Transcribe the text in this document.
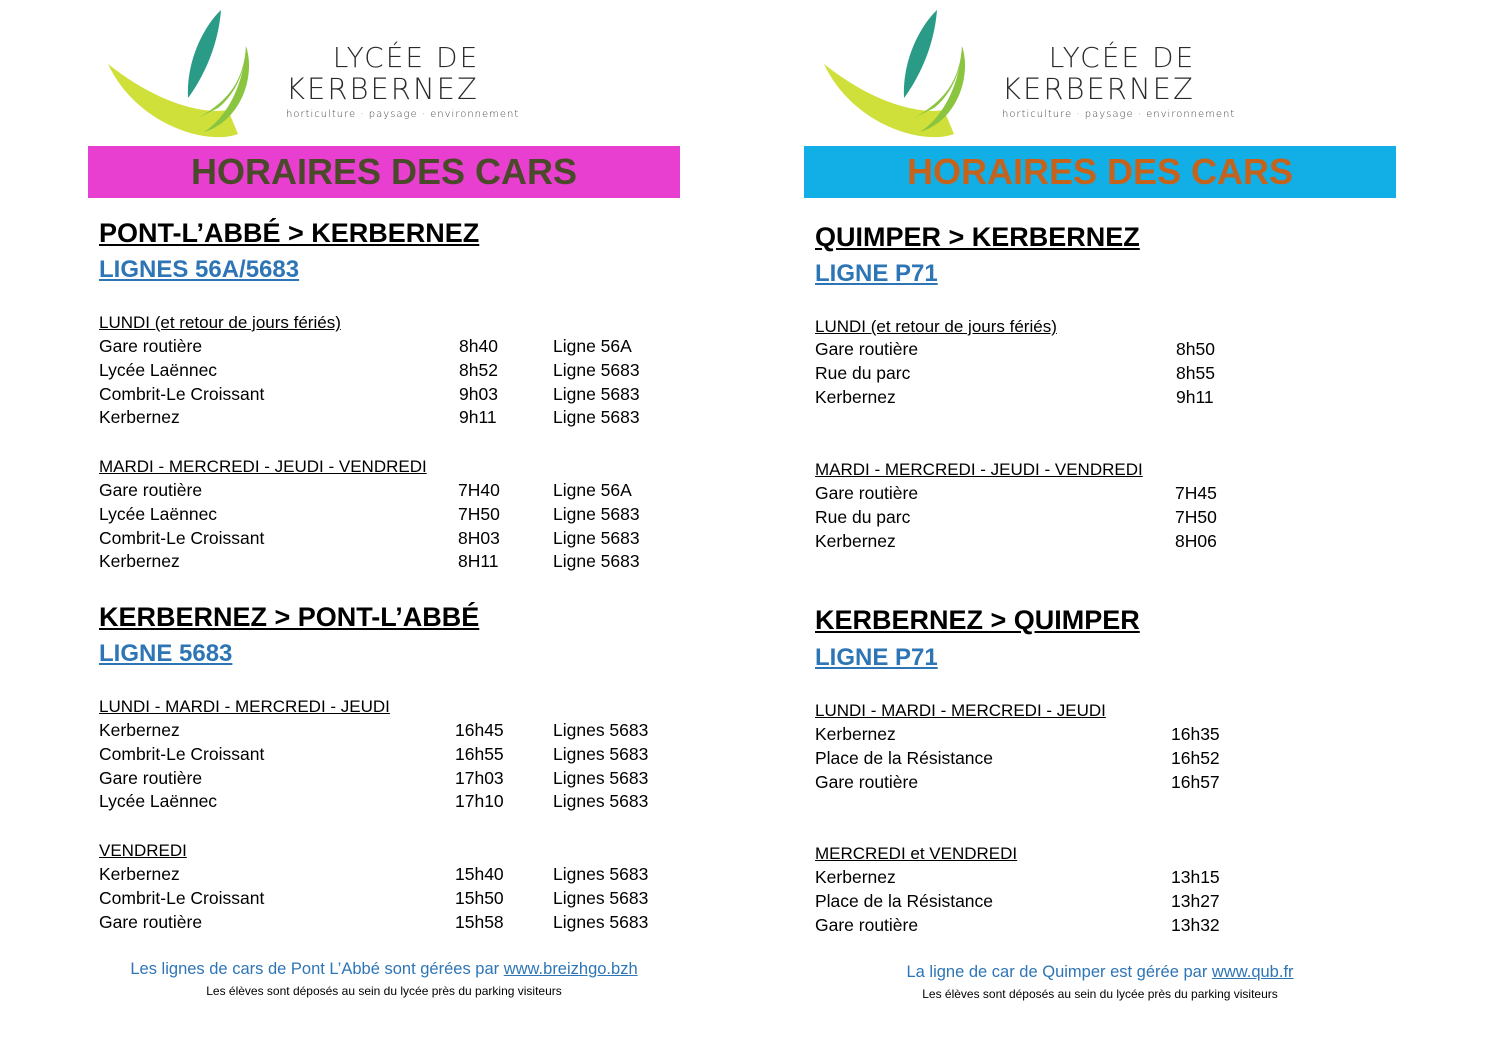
LYCÉE DE
KERBERNEZ
horticulture · paysage · environnement
HORAIRES DES CARS
PONT-L’ABBÉ > KERBERNEZ
LIGNES 56A/5683
LUNDI (et retour de jours fériés)
Gare routière	8h40	Ligne 56A
Lycée Laënnec	8h52	Ligne 5683
Combrit-Le Croissant	9h03	Ligne 5683
Kerbernez	9h11	Ligne 5683
MARDI - MERCREDI - JEUDI - VENDREDI
Gare routière	7H40	Ligne 56A
Lycée Laënnec	7H50	Ligne 5683
Combrit-Le Croissant	8H03	Ligne 5683
Kerbernez	8H11	Ligne 5683
KERBERNEZ > PONT-L’ABBÉ
LIGNE 5683
LUNDI - MARDI - MERCREDI - JEUDI
Kerbernez	16h45	Lignes 5683
Combrit-Le Croissant	16h55	Lignes 5683
Gare routière	17h03	Lignes 5683
Lycée Laënnec	17h10	Lignes 5683
VENDREDI
Kerbernez	15h40	Lignes 5683
Combrit-Le Croissant	15h50	Lignes 5683
Gare routière	15h58	Lignes 5683
Les lignes de cars de Pont L’Abbé sont gérées par www.breizhgo.bzh
Les élèves sont déposés au sein du lycée près du parking visiteurs
LYCÉE DE
KERBERNEZ
horticulture · paysage · environnement
HORAIRES DES CARS
QUIMPER > KERBERNEZ
LIGNE P71
LUNDI (et retour de jours fériés)
Gare routière	8h50
Rue du parc	8h55
Kerbernez	9h11
MARDI - MERCREDI - JEUDI - VENDREDI
Gare routière	7H45
Rue du parc	7H50
Kerbernez	8H06
KERBERNEZ > QUIMPER
LIGNE P71
LUNDI - MARDI - MERCREDI - JEUDI
Kerbernez	16h35
Place de la Résistance	16h52
Gare routière	16h57
MERCREDI et VENDREDI
Kerbernez	13h15
Place de la Résistance	13h27
Gare routière	13h32
La ligne de car de Quimper est gérée par www.qub.fr
Les élèves sont déposés au sein du lycée près du parking visiteurs
